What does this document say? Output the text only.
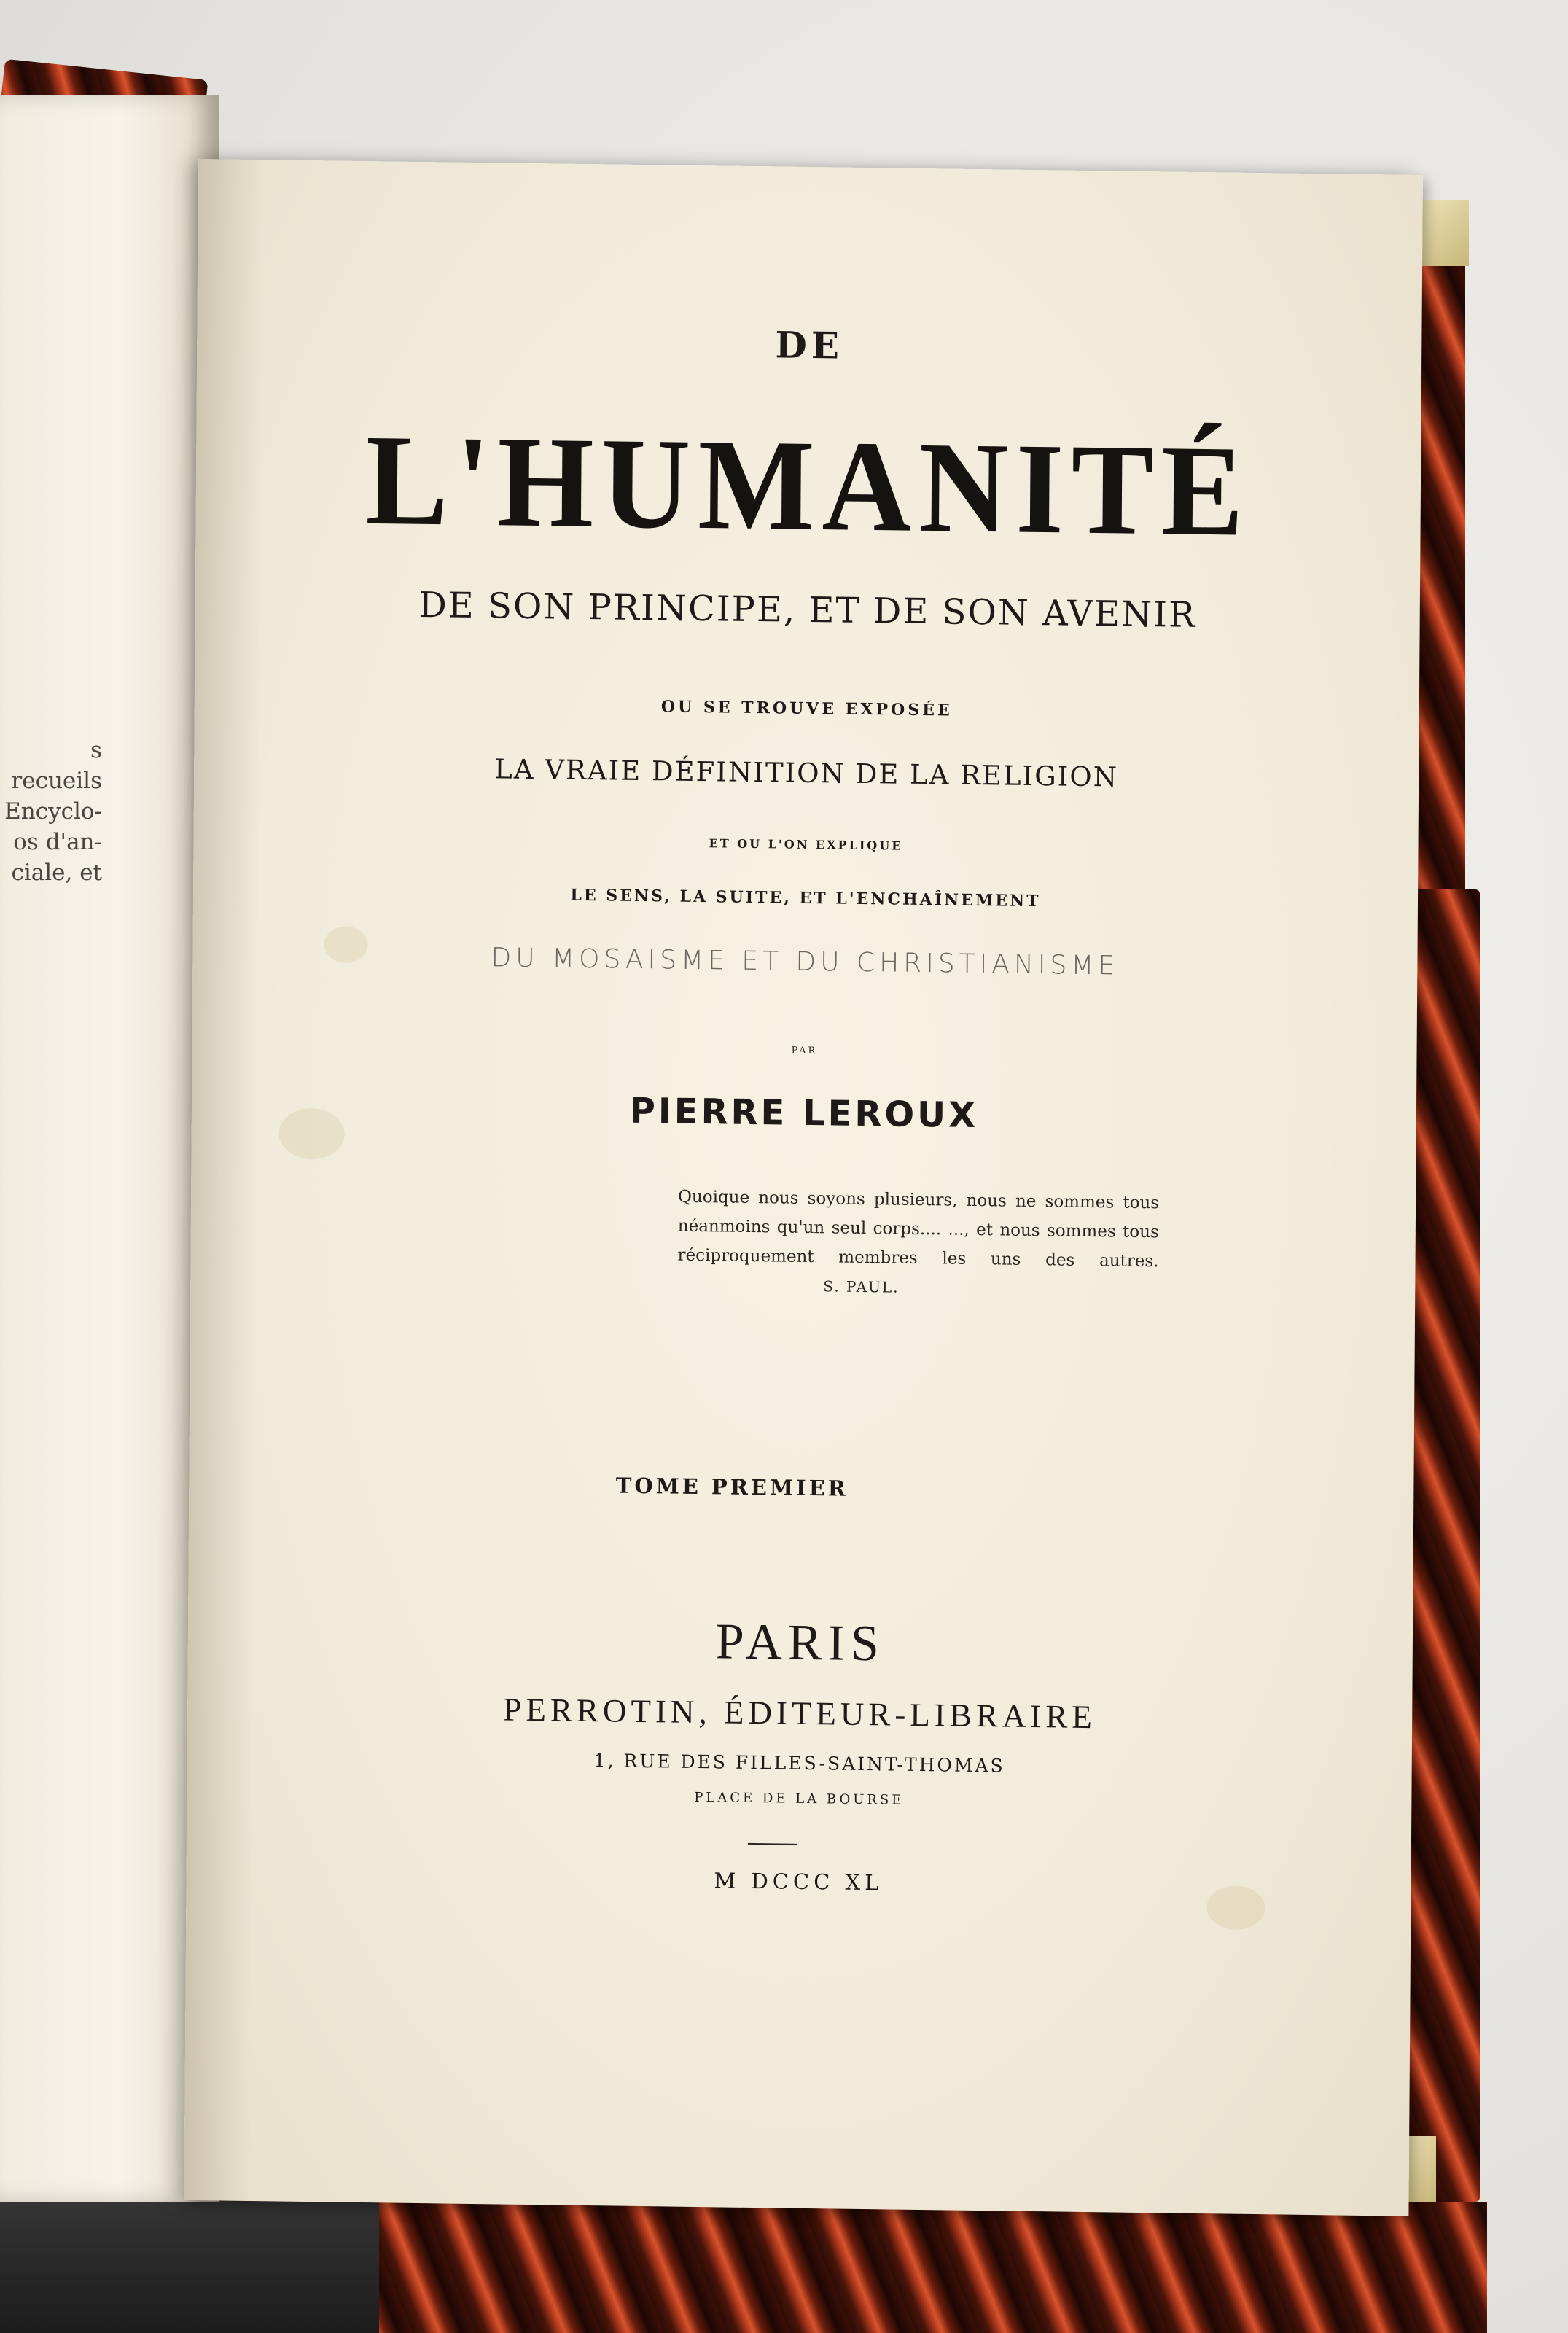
s recueils
Encyclo-
os d'an-
ciale, et
DE
L'HUMANITÉ
DE SON PRINCIPE, ET DE SON AVENIR
OU SE TROUVE EXPOSÉE
LA VRAIE DÉFINITION DE LA RELIGION
ET OU L'ON EXPLIQUE
LE SENS, LA SUITE, ET L'ENCHAÎNEMENT
DU MOSAISME ET DU CHRISTIANISME
PAR
PIERRE LEROUX
Quoique nous soyons plusieurs, nous ne sommes tous néanmoins qu'un seul corps.... ..., et nous sommes tous réciproquement membres les uns des autres. S. PAUL.
TOME PREMIER
PARIS
PERROTIN, ÉDITEUR-LIBRAIRE
1, RUE DES FILLES-SAINT-THOMAS
PLACE DE LA BOURSE
M DCCC XL
